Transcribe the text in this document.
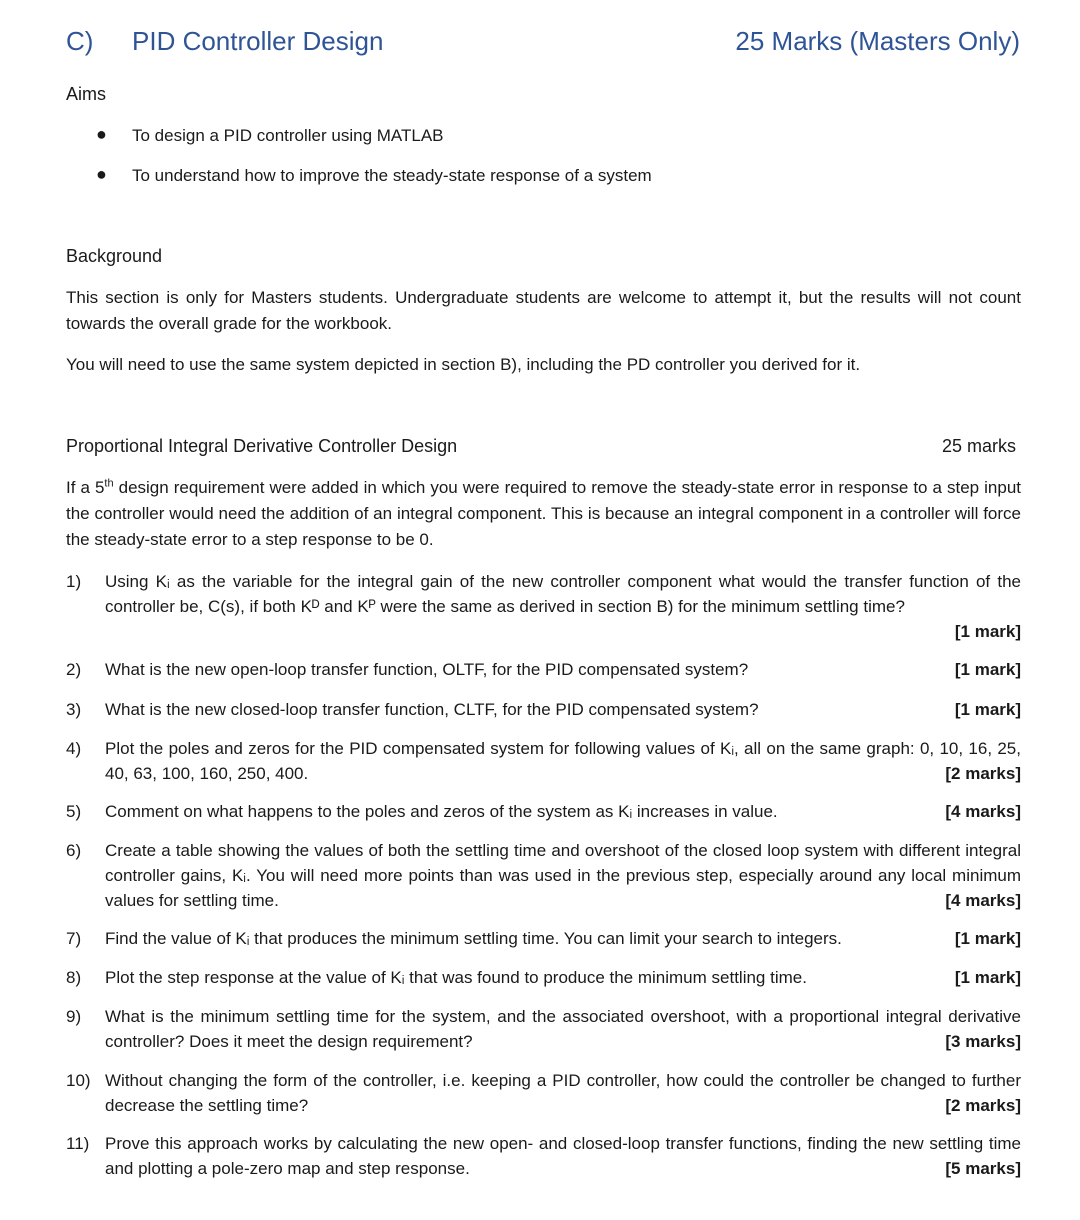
C) PID Controller Design	25 Marks (Masters Only)
Aims
● To design a PID controller using MATLAB
● To understand how to improve the steady-state response of a system
Background
This section is only for Masters students. Undergraduate students are welcome to attempt it, but the results will not count towards the overall grade for the workbook.
You will need to use the same system depicted in section B), including the PD controller you derived for it.
Proportional Integral Derivative Controller Design	25 marks
If a 5th design requirement were added in which you were required to remove the steady-state error in response to a step input the controller would need the addition of an integral component. This is because an integral component in a controller will force the steady-state error to a step response to be 0.
1) Using Kᵢ as the variable for the integral gain of the new controller component what would the transfer function of the controller be, C(s), if both Kᴰ and Kᴾ were the same as derived in section B) for the minimum settling time?
[1 mark]
2) What is the new open-loop transfer function, OLTF, for the PID compensated system?	[1 mark]
3) What is the new closed-loop transfer function, CLTF, for the PID compensated system?	[1 mark]
4) Plot the poles and zeros for the PID compensated system for following values of Kᵢ, all on the same graph: 0, 10, 16, 25, 40, 63, 100, 160, 250, 400.	[2 marks]
5) Comment on what happens to the poles and zeros of the system as Kᵢ increases in value.	[4 marks]
6) Create a table showing the values of both the settling time and overshoot of the closed loop system with different integral controller gains, Kᵢ. You will need more points than was used in the previous step, especially around any local minimum values for settling time.	[4 marks]
7) Find the value of Kᵢ that produces the minimum settling time. You can limit your search to integers.	[1 mark]
8) Plot the step response at the value of Kᵢ that was found to produce the minimum settling time.	[1 mark]
9) What is the minimum settling time for the system, and the associated overshoot, with a proportional integral derivative controller? Does it meet the design requirement?	[3 marks]
10) Without changing the form of the controller, i.e. keeping a PID controller, how could the controller be changed to further decrease the settling time?	[2 marks]
11) Prove this approach works by calculating the new open- and closed-loop transfer functions, finding the new settling time and plotting a pole-zero map and step response.	[5 marks]
